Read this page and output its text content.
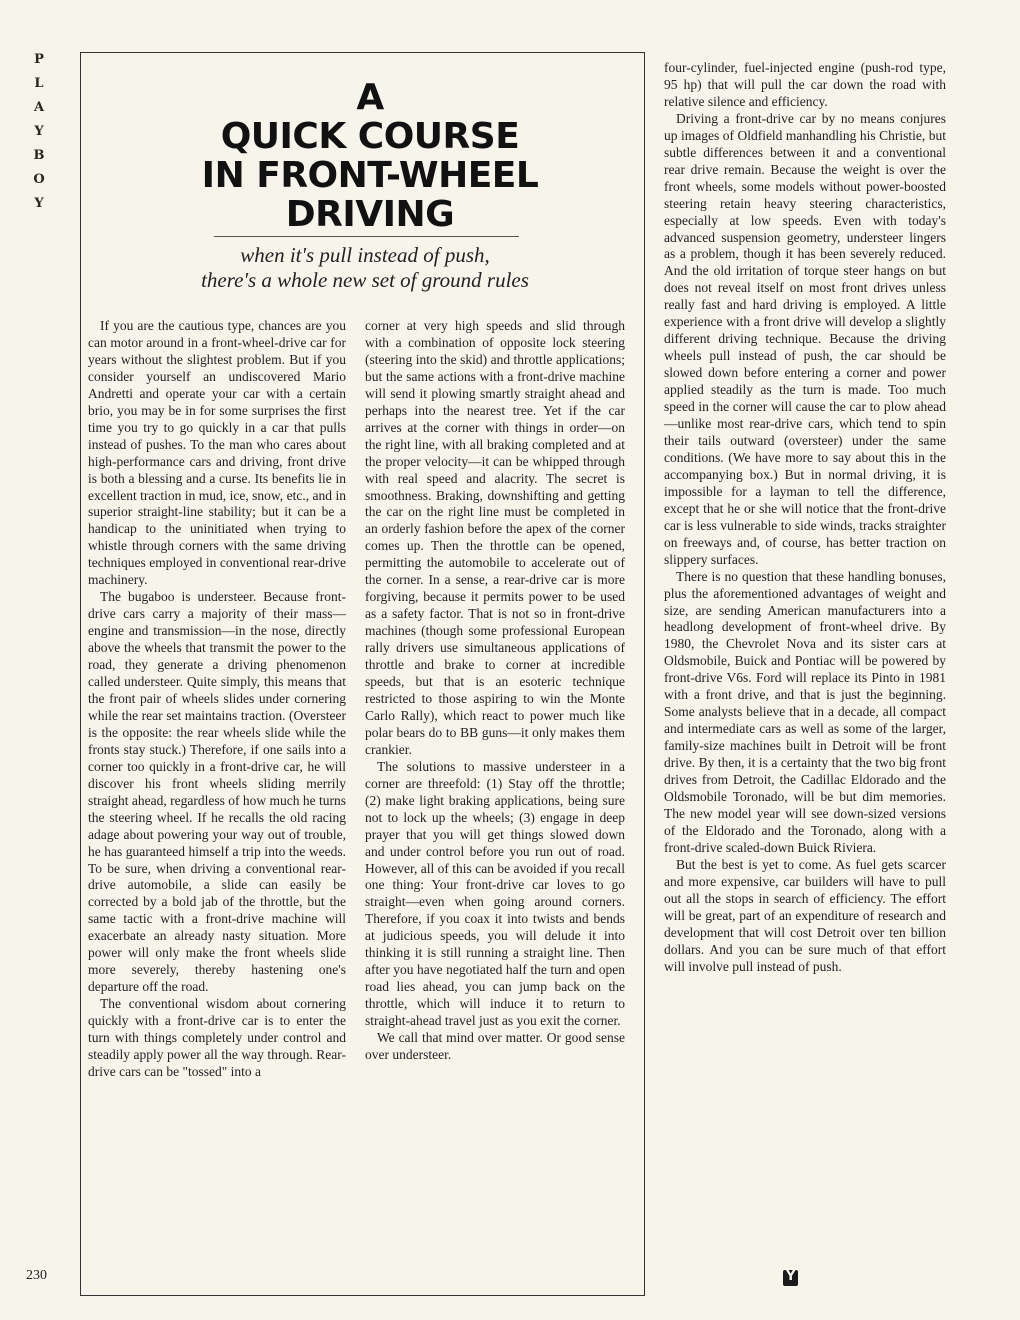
P
L
A
Y
B
O
Y
230
A
QUICK COURSE
IN FRONT-WHEEL
DRIVING
when it's pull instead of push,
there's a whole new set of ground rules

If you are the cautious type, chances are you can motor around in a front-wheel-drive car for years without the slightest problem. But if you consider yourself an undiscovered Mario Andretti and operate your car with a certain brio, you may be in for some surprises the first time you try to go quickly in a car that pulls instead of pushes. To the man who cares about high-performance cars and driving, front drive is both a blessing and a curse. Its benefits lie in excellent traction in mud, ice, snow, etc., and in superior straight-line stability; but it can be a handicap to the uninitiated when trying to whistle through corners with the same driving techniques employed in conventional rear-drive machinery.

The bugaboo is understeer. Because front-drive cars carry a majority of their mass—engine and transmission—in the nose, directly above the wheels that transmit the power to the road, they generate a driving phenomenon called understeer. Quite simply, this means that the front pair of wheels slides under cornering while the rear set maintains traction. (Oversteer is the opposite: the rear wheels slide while the fronts stay stuck.) Therefore, if one sails into a corner too quickly in a front-drive car, he will discover his front wheels sliding merrily straight ahead, regardless of how much he turns the steering wheel. If he recalls the old racing adage about powering your way out of trouble, he has guaranteed himself a trip into the weeds. To be sure, when driving a conventional rear-drive automobile, a slide can easily be corrected by a bold jab of the throttle, but the same tactic with a front-drive machine will exacerbate an already nasty situation. More power will only make the front wheels slide more severely, thereby hastening one's departure off the road.

The conventional wisdom about cornering quickly with a front-drive car is to enter the turn with things completely under control and steadily apply power all the way through. Rear-drive cars can be "tossed" into a

corner at very high speeds and slid through with a combination of opposite lock steering (steering into the skid) and throttle applications; but the same actions with a front-drive machine will send it plowing smartly straight ahead and perhaps into the nearest tree. Yet if the car arrives at the corner with things in order—on the right line, with all braking completed and at the proper velocity—it can be whipped through with real speed and alacrity. The secret is smoothness. Braking, downshifting and getting the car on the right line must be completed in an orderly fashion before the apex of the corner comes up. Then the throttle can be opened, permitting the automobile to accelerate out of the corner. In a sense, a rear-drive car is more forgiving, because it permits power to be used as a safety factor. That is not so in front-drive machines (though some professional European rally drivers use simultaneous applications of throttle and brake to corner at incredible speeds, but that is an esoteric technique restricted to those aspiring to win the Monte Carlo Rally), which react to power much like polar bears do to BB guns—it only makes them crankier.

The solutions to massive understeer in a corner are threefold: (1) Stay off the throttle; (2) make light braking applications, being sure not to lock up the wheels; (3) engage in deep prayer that you will get things slowed down and under control before you run out of road. However, all of this can be avoided if you recall one thing: Your front-drive car loves to go straight—even when going around corners. Therefore, if you coax it into twists and bends at judicious speeds, you will delude it into thinking it is still running a straight line. Then after you have negotiated half the turn and open road lies ahead, you can jump back on the throttle, which will induce it to return to straight-ahead travel just as you exit the corner.

We call that mind over matter. Or good sense over understeer.

four-cylinder, fuel-injected engine (push-rod type, 95 hp) that will pull the car down the road with relative silence and efficiency.

Driving a front-drive car by no means conjures up images of Oldfield manhandling his Christie, but subtle differences between it and a conventional rear drive remain. Because the weight is over the front wheels, some models without power-boosted steering retain heavy steering characteristics, especially at low speeds. Even with today's advanced suspension geometry, understeer lingers as a problem, though it has been severely reduced. And the old irritation of torque steer hangs on but does not reveal itself on most front drives unless really fast and hard driving is employed. A little experience with a front drive will develop a slightly different driving technique. Because the driving wheels pull instead of push, the car should be slowed down before entering a corner and power applied steadily as the turn is made. Too much speed in the corner will cause the car to plow ahead—unlike most rear-drive cars, which tend to spin their tails outward (oversteer) under the same conditions. (We have more to say about this in the accompanying box.) But in normal driving, it is impossible for a layman to tell the difference, except that he or she will notice that the front-drive car is less vulnerable to side winds, tracks straighter on freeways and, of course, has better traction on slippery surfaces.

There is no question that these handling bonuses, plus the aforementioned advantages of weight and size, are sending American manufacturers into a headlong development of front-wheel drive. By 1980, the Chevrolet Nova and its sister cars at Oldsmobile, Buick and Pontiac will be powered by front-drive V6s. Ford will replace its Pinto in 1981 with a front drive, and that is just the beginning. Some analysts believe that in a decade, all compact and intermediate cars as well as some of the larger, family-size machines built in Detroit will be front drive. By then, it is a certainty that the two big front drives from Detroit, the Cadillac Eldorado and the Oldsmobile Toronado, will be but dim memories. The new model year will see down-sized versions of the Eldorado and the Toronado, along with a front-drive scaled-down Buick Riviera.

But the best is yet to come. As fuel gets scarcer and more expensive, car builders will have to pull out all the stops in search of efficiency. The effort will be great, part of an expenditure of research and development that will cost Detroit over ten billion dollars. And you can be sure much of that effort will involve pull instead of push.

Y
